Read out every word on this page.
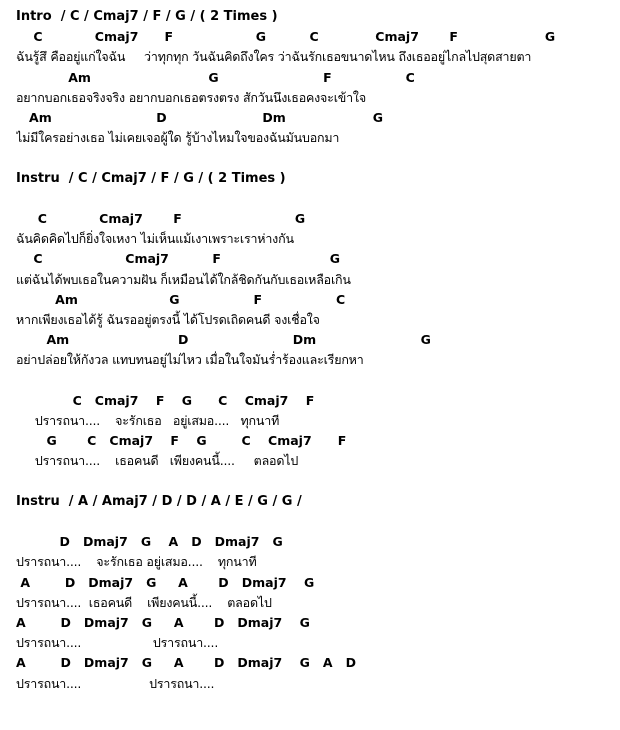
Intro  / C / Cmaj7 / F / G / ( 2 Times )
C            Cmaj7      F                   G          C             Cmaj7       F                    G
ฉันรู้สึ คืออยู่แก่ใจฉัน     ว่าทุกทุก วันฉันคิดถึงใคร ว่าฉันรักเธอขนาดไหน ถึงเธออยู่ไกลไปสุดสายตา
Am                           G                        F                 C
อยากบอกเธอจริงจริง อยากบอกเธอตรงตรง สักวันนึงเธอคงจะเข้าใจ
Am                        D                      Dm                    G
ไม่มีใครอย่างเธอ ไม่เคยเจอผู้ใด รู้บ้างไหมใจของฉันมันบอกมา
Instru  / C / Cmaj7 / F / G / ( 2 Times )
C            Cmaj7       F                          G
ฉันคิดคิดไปก็ยิ่งใจเหงา ไม่เห็นแม้เงาเพราะเราห่างกัน
C                   Cmaj7          F                         G
แต่ฉันได้พบเธอในความฝัน ก็เหมือนได้ใกล้ชิดกันกับเธอเหลือเกิน
Am                     G                 F                 C
หากเพียงเธอได้รู้ ฉันรออยู่ตรงนี้ ได้โปรดเถิดคนดี จงเชื่อใจ
Am                         D                        Dm                        G
อย่าปล่อยให้กังวล แทบทนอยู่ไม่ไหว เมื่อในใจมันร่ำร้องและเรียกหา
C   Cmaj7    F    G      C    Cmaj7    F
ปรารถนา....    จะรักเธอ   อยู่เสมอ....   ทุกนาที
G       C   Cmaj7    F    G        C    Cmaj7      F
ปรารถนา....    เธอคนดี   เพียงคนนี้....     ตลอดไป
Instru  / A / Amaj7 / D / D / A / E / G / G /
D   Dmaj7   G    A   D   Dmaj7   G
ปรารถนา....    จะรักเธอ อยู่เสมอ....    ทุกนาที
A        D   Dmaj7   G     A       D   Dmaj7    G
ปรารถนา....  เธอคนดี    เพียงคนนี้....    ตลอดไป
A        D   Dmaj7   G     A       D   Dmaj7    G
ปรารถนา....                   ปรารถนา....
A        D   Dmaj7   G     A       D   Dmaj7    G   A   D
ปรารถนา....                  ปรารถนา....
